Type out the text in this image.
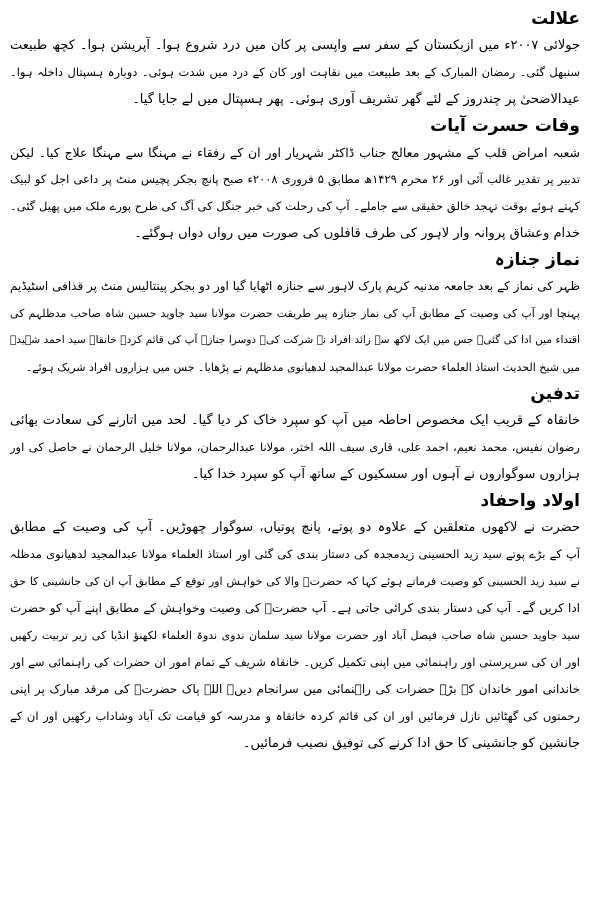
علالت
جولائی ۲۰۰۷ء میں ازبکستان کے سفر سے واپسی پر کان میں درد شروع ہوا۔ آپریشن ہوا۔ کچھ طبیعت
سنبھل گئی۔ رمضان المبارک کے بعد طبیعت میں نقاہت اور کان کے درد میں شدت ہوئی۔ دوبارہ ہسپتال داخلہ ہوا۔
عیدالاضحیٰ پر چندروز کے لئے گھر تشریف آوری ہوئی۔ پھر ہسپتال میں لے جایا گیا۔
وفات حسرت آیات
شعبہ امراض قلب کے مشہور معالج جناب ڈاکٹر شہریار اور ان کے رفقاء نے مہنگا سے مہنگا علاج کیا۔ لیکن
تدبیر پر تقدیر غالب آئی اور ۲۶ محرم ۱۴۲۹ھ مطابق ۵ فروری ۲۰۰۸ء صبح پانچ بجکر پچیس منٹ پر داعی اجل کو لبیک
کہتے ہوئے بوقت تہجد خالق حقیقی سے جاملے۔ آپ کی رحلت کی خبر جنگل کی آگ کی طرح پورے ملک میں پھیل گئی۔
خدام وعشاق پروانہ وار لاہور کی طرف قافلوں کی صورت میں رواں دواں ہوگئے۔
نماز جنازہ
ظہر کی نماز کے بعد جامعہ مدنیہ کریم پارک لاہور سے جنازہ اٹھایا گیا اور دو بجکر پینتالیس منٹ پر قذافی اسٹیڈیم
پہنچا اور آپ کی وصیت کے مطابق آپ کی نماز جنازہ پیر طریقت حضرت مولانا سید جاوید حسین شاہ صاحب مدظلہم کی
اقتداء میں ادا کی گئی۔ جس میں ایک لاکھ سے زائد افراد نے شرکت کی۔ دوسرا جنازہ آپ کی قائم کردہ خانقاہ سید احمد شہیدؒ
میں شیخ الحدیث استاذ العلماء حضرت مولانا عبدالمجید لدھیانوی مدظلہم نے پڑھایا۔ جس میں ہزاروں افراد شریک ہوئے۔
تدفین
خانقاہ کے قریب ایک مخصوص احاطہ میں آپ کو سپرد خاک کر دیا گیا۔ لحد میں اتارنے کی سعادت بھائی
رضوان نفیس، محمد نعیم، احمد علی، قاری سیف اللہ اختر، مولانا عبدالرحمان، مولانا خلیل الرحمان نے حاصل کی اور
ہزاروں سوگواروں نے آہوں اور سسکیوں کے ساتھ آپ کو سپرد خدا کیا۔
اولاد واحفاد
حضرت نے لاکھوں متعلقین کے علاوہ دو پوتے، پانچ پوتیاں، سوگوار چھوڑیں۔ آپ کی وصیت کے مطابق
آپ کے بڑے پوتے سید زید الحسینی زیدمجدہ کی دستار بندی کی گئی اور استاذ العلماء مولانا عبدالمجید لدھیانوی مدظلہ
نے سید زید الحسینی کو وصیت فرماتے ہوئے کہا کہ حضرتؒ والا کی خواہش اور توقع کے مطابق آپ ان کی جانشینی کا حق
ادا کریں گے۔ آپ کی دستار بندی کرائی جاتی ہے۔ آپ حضرتؒ کی وصیت وخواہش کے مطابق اپنے آپ کو حضرت
سید جاوید حسین شاہ صاحب فیصل آباد اور حضرت مولانا سید سلمان ندوی ندوۃ العلماء لکھنؤ انڈیا کی زیر تربیت رکھیں
اور ان کی سرپرستی اور راہنمائی میں اپنی تکمیل کریں۔ خانقاہ شریف کے تمام امور ان حضرات کی راہنمائی سے اور
خاندانی امور خاندان کے بڑے حضرات کی راہنمائی میں سرانجام دیں۔ اللہ پاک حضرتؒ کی مرقد مبارک پر اپنی
رحمتوں کی گھٹائیں نازل فرمائیں اور ان کی قائم کردہ خانقاہ و مدرسہ کو قیامت تک آباد وشاداب رکھیں اور ان کے
جانشین کو جانشینی کا حق ادا کرنے کی توفیق نصیب فرمائیں۔
